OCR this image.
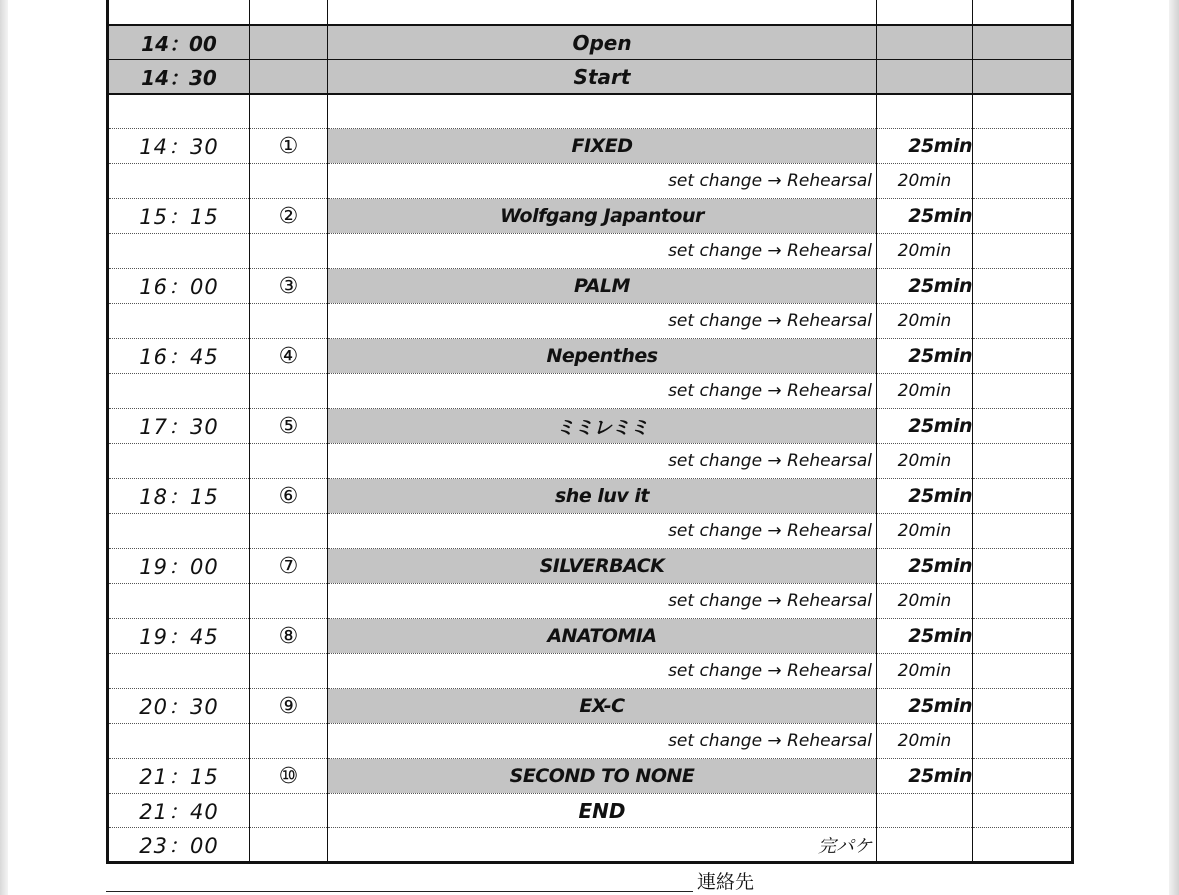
14：00		Open		
14：30		Start		

14：30	①	FIXED	25min	
		set change → Rehearsal	20min	
15：15	②	Wolfgang Japantour	25min	
		set change → Rehearsal	20min	
16：00	③	PALM	25min	
		set change → Rehearsal	20min	
16：45	④	Nepenthes	25min	
		set change → Rehearsal	20min	
17：30	⑤	ミミレミミ	25min	
		set change → Rehearsal	20min	
18：15	⑥	she luv it	25min	
		set change → Rehearsal	20min	
19：00	⑦	SILVERBACK	25min	
		set change → Rehearsal	20min	
19：45	⑧	ANATOMIA	25min	
		set change → Rehearsal	20min	
20：30	⑨	EX-C	25min	
		set change → Rehearsal	20min	
21：15	⑩	SECOND TO NONE	25min	
21：40		END		
23：00		完パケ		
連絡先
